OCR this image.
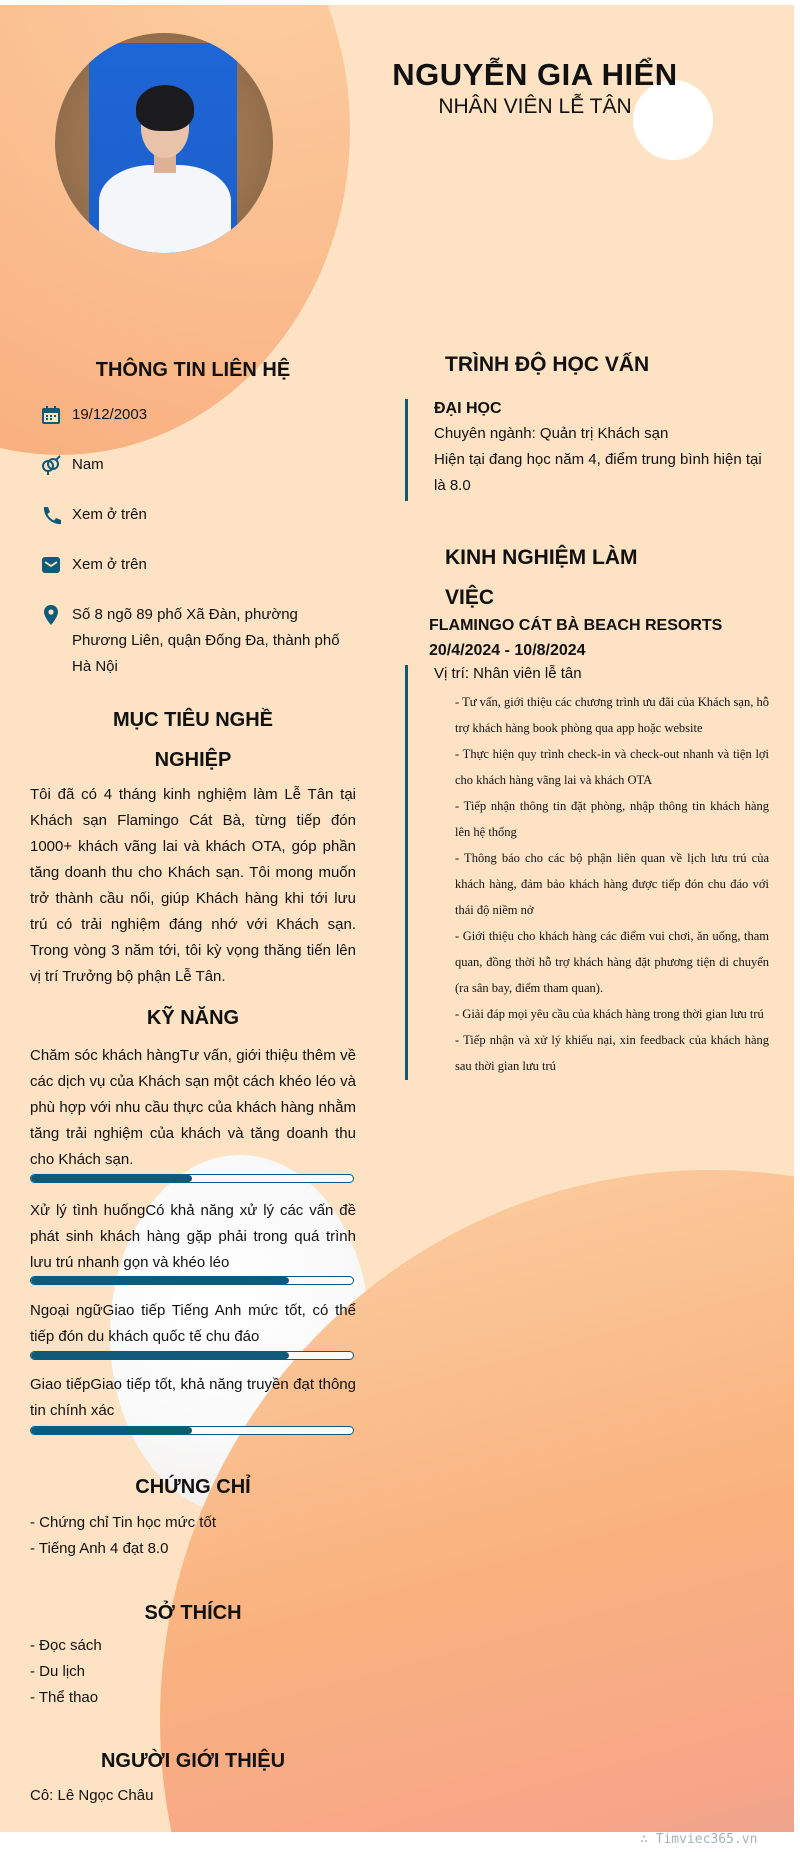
NGUYỄN GIA HIỂN
NHÂN VIÊN LỄ TÂN
THÔNG TIN LIÊN HỆ
19/12/2003
Nam
Xem ở trên
Xem ở trên
Số 8 ngõ 89 phố Xã Đàn, phường Phương Liên, quận Đống Đa, thành phố Hà Nội
MỤC TIÊU NGHỀ
NGHIỆP
Tôi đã có 4 tháng kinh nghiệm làm Lễ Tân tại Khách sạn Flamingo Cát Bà, từng tiếp đón 1000+ khách vãng lai và khách OTA, góp phần tăng doanh thu cho Khách sạn. Tôi mong muốn trở thành cầu nối, giúp Khách hàng khi tới lưu trú có trải nghiệm đáng nhớ với Khách sạn. Trong vòng 3 năm tới, tôi kỳ vọng thăng tiến lên vị trí Trưởng bộ phận Lễ Tân.
KỸ NĂNG
Chăm sóc khách hàngTư vấn, giới thiệu thêm về các dịch vụ của Khách sạn một cách khéo léo và phù hợp với nhu cầu thực của khách hàng nhằm tăng trải nghiệm của khách và tăng doanh thu cho Khách sạn.
Xử lý tình huốngCó khả năng xử lý các vấn đề phát sinh khách hàng gặp phải trong quá trình lưu trú nhanh gọn và khéo léo
Ngoại ngữGiao tiếp Tiếng Anh mức tốt, có thể tiếp đón du khách quốc tế chu đáo
Giao tiếpGiao tiếp tốt, khả năng truyền đạt thông tin chính xác
CHỨNG CHỈ
- Chứng chỉ Tin học mức tốt
- Tiếng Anh 4 đạt 8.0
SỞ THÍCH
- Đọc sách
- Du lịch
- Thể thao
NGƯỜI GIỚI THIỆU
Cô: Lê Ngọc Châu
TRÌNH ĐỘ HỌC VẤN
ĐẠI HỌC
Chuyên ngành: Quản trị Khách sạn
Hiện tại đang học năm 4, điểm trung bình hiện tại là 8.0
KINH NGHIỆM LÀM
VIỆC
FLAMINGO CÁT BÀ BEACH RESORTS
20/4/2024 - 10/8/2024
Vị trí: Nhân viên lễ tân
- Tư vấn, giới thiệu các chương trình ưu đãi của Khách sạn, hỗ trợ khách hàng book phòng qua app hoặc website
- Thực hiện quy trình check-in và check-out nhanh và tiện lợi cho khách hàng vãng lai và khách OTA
- Tiếp nhận thông tin đặt phòng, nhập thông tin khách hàng lên hệ thống
- Thông báo cho các bộ phận liên quan về lịch lưu trú của khách hàng, đảm bảo khách hàng được tiếp đón chu đáo với thái độ niềm nở
- Giới thiệu cho khách hàng các điểm vui chơi, ăn uống, tham quan, đồng thời hỗ trợ khách hàng đặt phương tiện di chuyển (ra sân bay, điểm tham quan).
- Giải đáp mọi yêu cầu của khách hàng trong thời gian lưu trú
- Tiếp nhận và xử lý khiếu nại, xin feedback của khách hàng sau thời gian lưu trú
∴ Timviec365.vn
